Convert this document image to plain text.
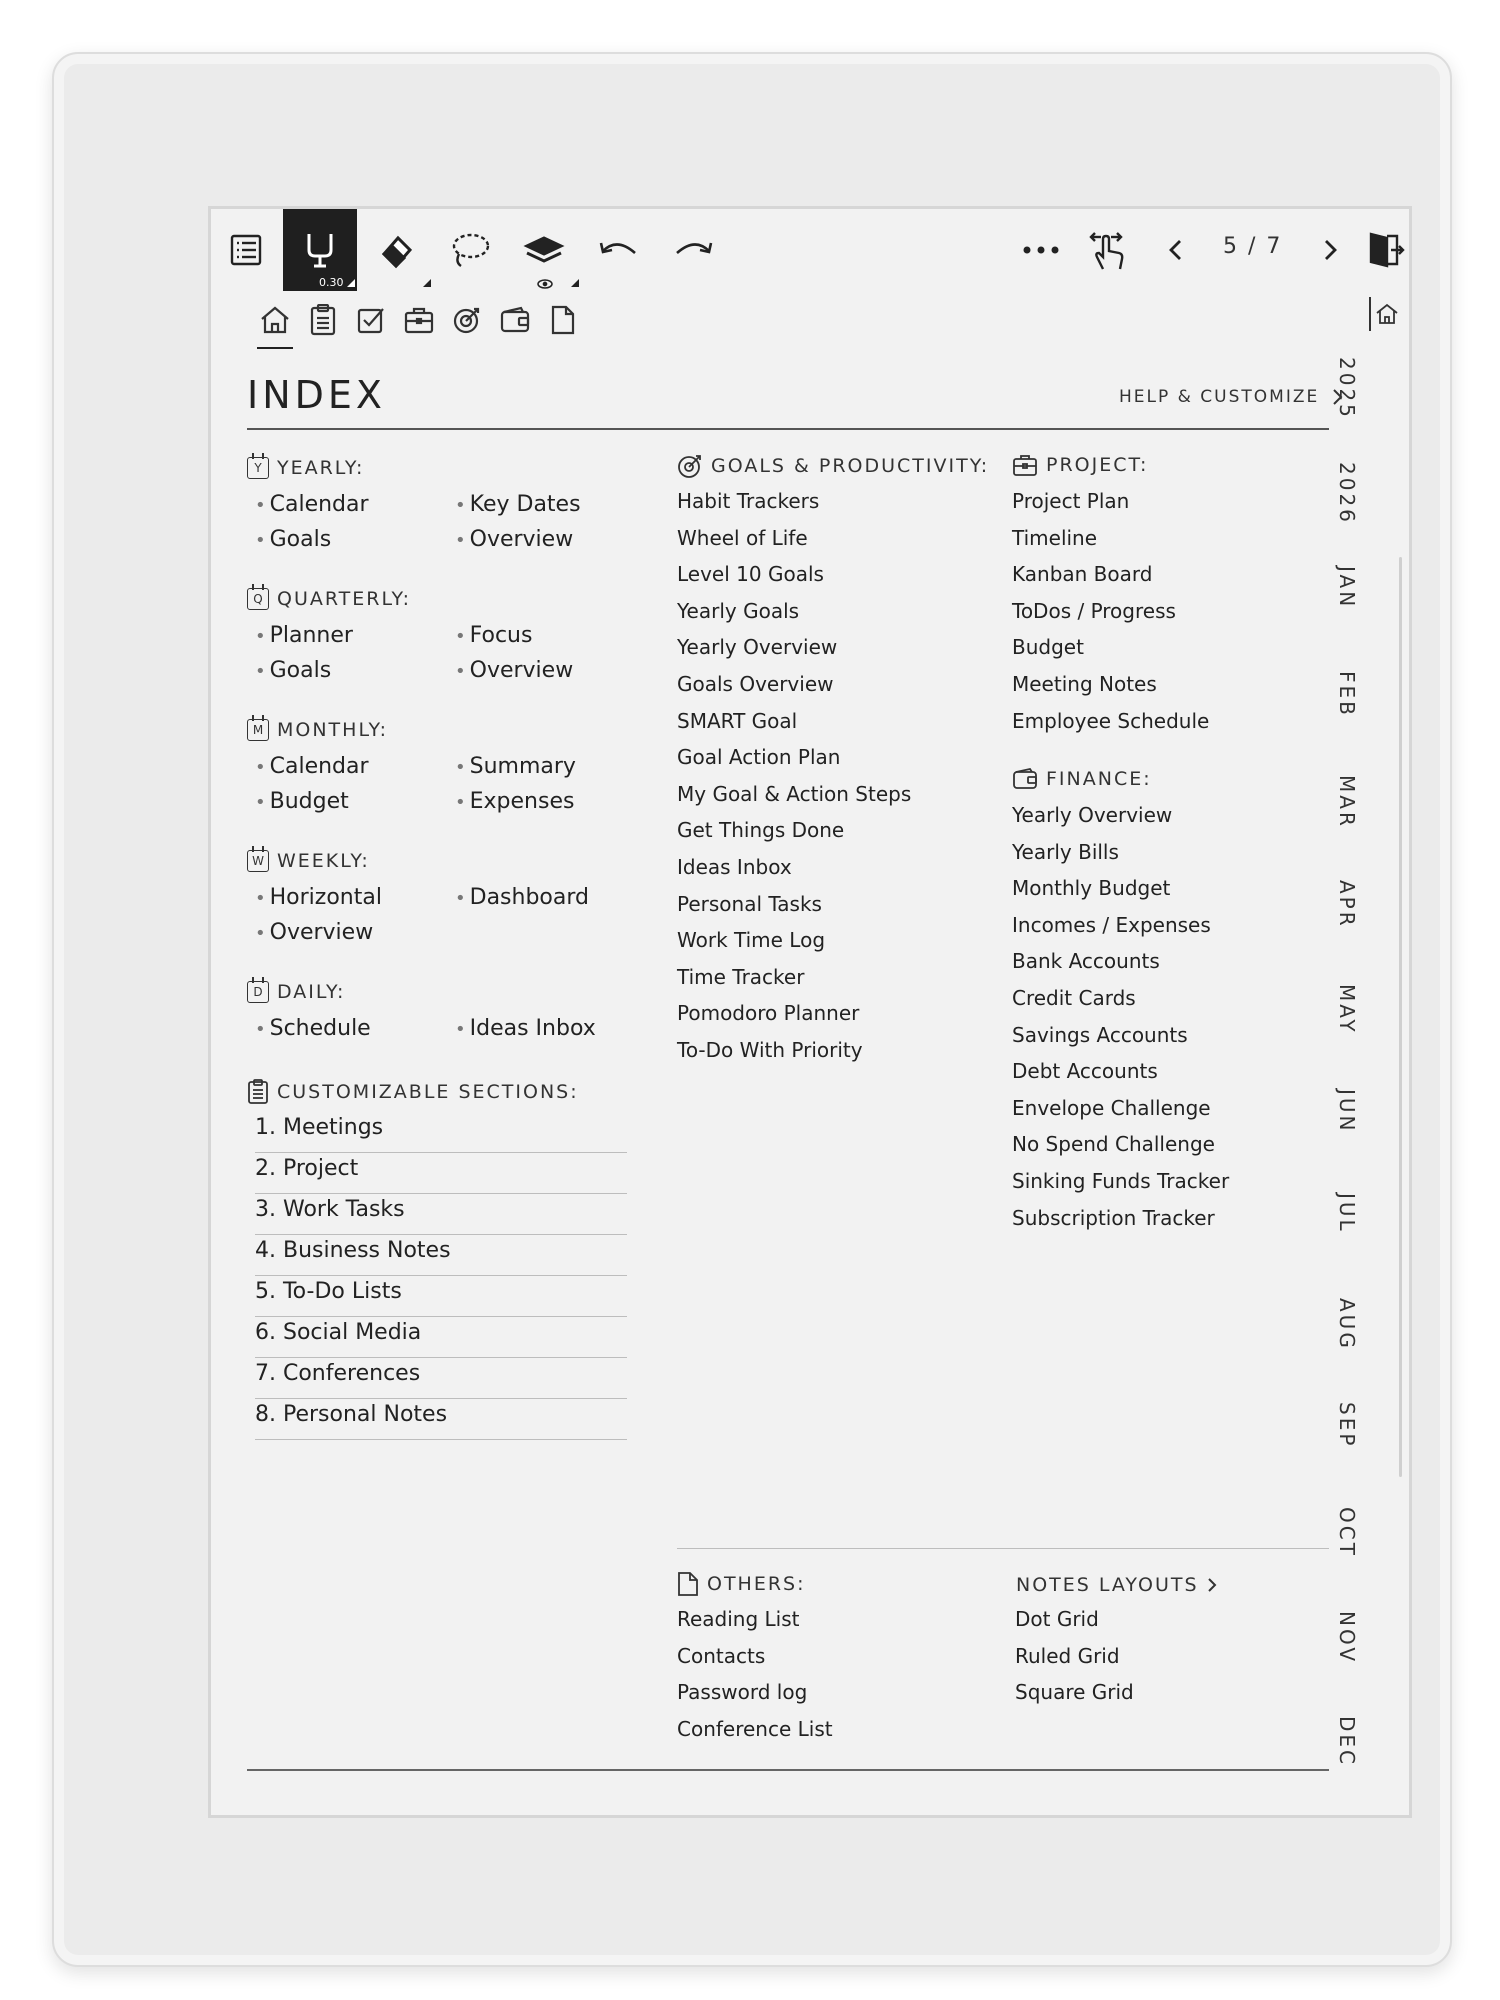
0.30
5 / 7
INDEX	HELP & CUSTOMIZE
Y YEARLY:
• Calendar	• Key Dates
• Goals	• Overview
Q QUARTERLY:
• Planner	• Focus
• Goals	• Overview
M MONTHLY:
• Calendar	• Summary
• Budget	• Expenses
W WEEKLY:
• Horizontal	• Dashboard
• Overview
D DAILY:
• Schedule	• Ideas Inbox
CUSTOMIZABLE SECTIONS:
1. Meetings
2. Project
3. Work Tasks
4. Business Notes
5. To-Do Lists
6. Social Media
7. Conferences
8. Personal Notes
GOALS & PRODUCTIVITY:
Habit Trackers
Wheel of Life
Level 10 Goals
Yearly Goals
Yearly Overview
Goals Overview
SMART Goal
Goal Action Plan
My Goal & Action Steps
Get Things Done
Ideas Inbox
Personal Tasks
Work Time Log
Time Tracker
Pomodoro Planner
To-Do With Priority
PROJECT:
Project Plan
Timeline
Kanban Board
ToDos / Progress
Budget
Meeting Notes
Employee Schedule
FINANCE:
Yearly Overview
Yearly Bills
Monthly Budget
Incomes / Expenses
Bank Accounts
Credit Cards
Savings Accounts
Debt Accounts
Envelope Challenge
No Spend Challenge
Sinking Funds Tracker
Subscription Tracker
OTHERS:
Reading List
Contacts
Password log
Conference List
NOTES LAYOUTS
Dot Grid
Ruled Grid
Square Grid
2025
2026
JAN
FEB
MAR
APR
MAY
JUN
JUL
AUG
SEP
OCT
NOV
DEC
